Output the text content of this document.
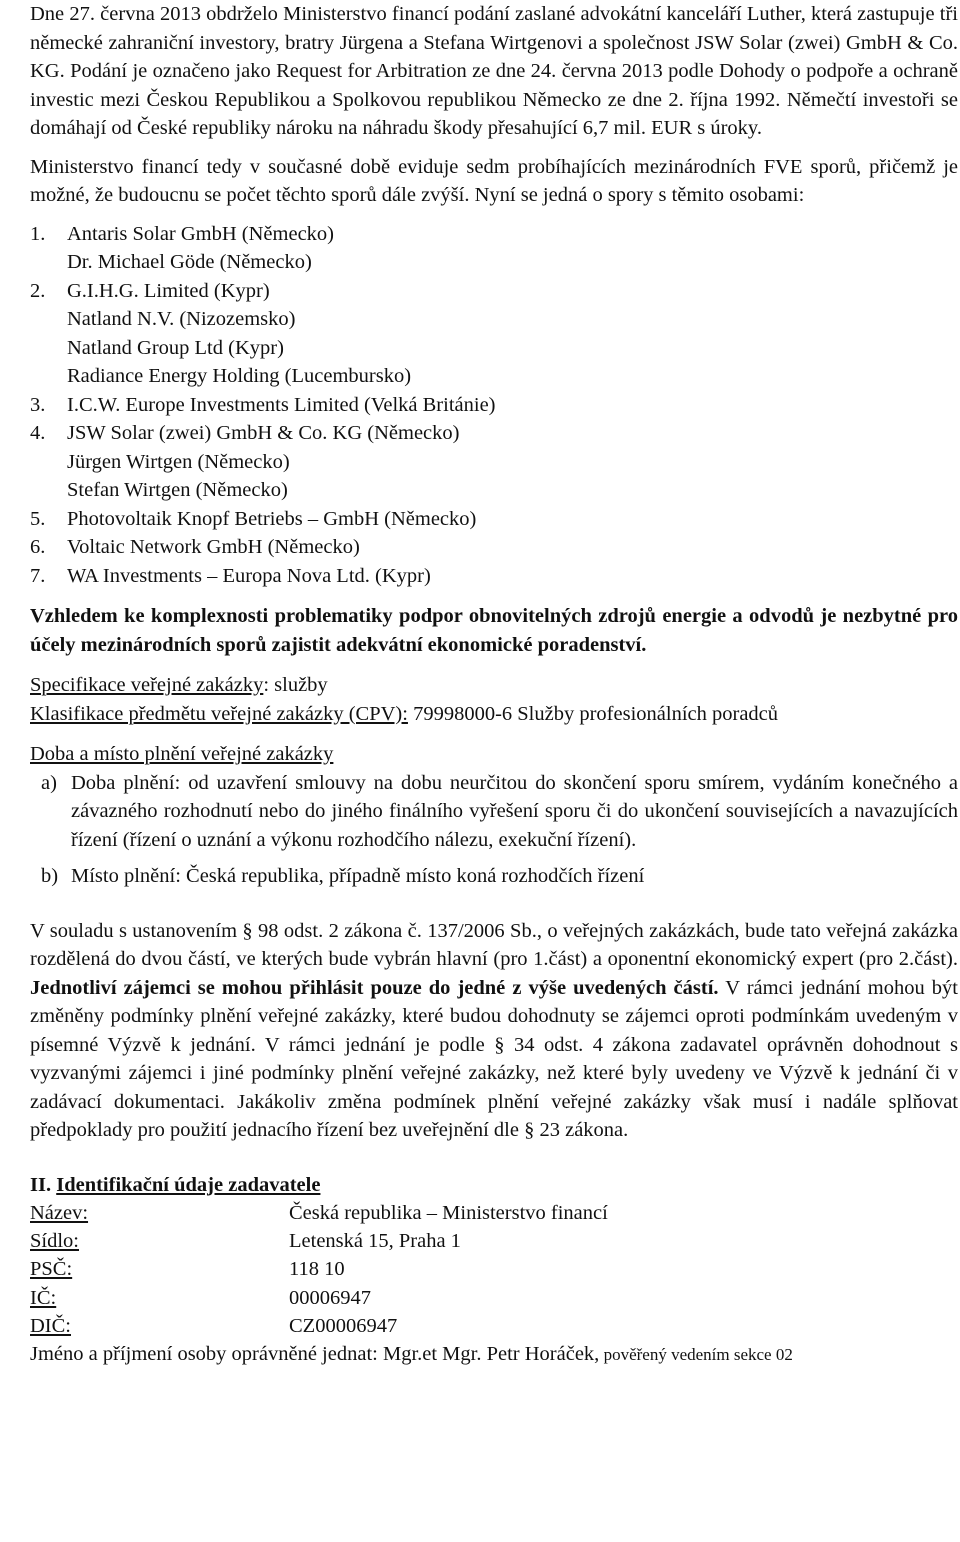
Dne 27. června 2013 obdrželo Ministerstvo financí podání zaslané advokátní kanceláří Luther, která zastupuje tři německé zahraniční investory, bratry Jürgena a Stefana Wirtgenovi a společnost JSW Solar (zwei) GmbH & Co. KG. Podání je označeno jako Request for Arbitration ze dne 24. června 2013 podle Dohody o podpoře a ochraně investic mezi Českou Republikou a Spolkovou republikou Německo ze dne 2. října 1992. Němečtí investoři se domáhají od České republiky nároku na náhradu škody přesahující 6,7 mil. EUR s úroky.

Ministerstvo financí tedy v současné době eviduje sedm probíhajících mezinárodních FVE sporů, přičemž je možné, že budoucnu se počet těchto sporů dále zvýší. Nyní se jedná o spory s těmito osobami:

1. Antaris Solar GmbH (Německo)
Dr. Michael Göde (Německo)
2. G.I.H.G. Limited (Kypr)
Natland N.V. (Nizozemsko)
Natland Group Ltd (Kypr)
Radiance Energy Holding (Lucembursko)
3. I.C.W. Europe Investments Limited (Velká Británie)
4. JSW Solar (zwei) GmbH & Co. KG (Německo)
Jürgen Wirtgen (Německo)
Stefan Wirtgen (Německo)
5. Photovoltaik Knopf Betriebs – GmbH (Německo)
6. Voltaic Network GmbH (Německo)
7. WA Investments – Europa Nova Ltd. (Kypr)

Vzhledem ke komplexnosti problematiky podpor obnovitelných zdrojů energie a odvodů je nezbytné pro účely mezinárodních sporů zajistit adekvátní ekonomické poradenství.

Specifikace veřejné zakázky: služby
Klasifikace předmětu veřejné zakázky (CPV): 79998000-6 Služby profesionálních poradců
Doba a místo plnění veřejné zakázky
a) Doba plnění: od uzavření smlouvy na dobu neurčitou do skončení sporu smírem, vydáním konečného a závazného rozhodnutí nebo do jiného finálního vyřešení sporu či do ukončení souvisejících a navazujících řízení (řízení o uznání a výkonu rozhodčího nálezu, exekuční řízení).

b) Místo plnění: Česká republika, případně místo koná rozhodčích řízení

V souladu s ustanovením § 98 odst. 2 zákona č. 137/2006 Sb., o veřejných zakázkách, bude tato veřejná zakázka rozdělená do dvou částí, ve kterých bude vybrán hlavní (pro 1.část) a oponentní ekonomický expert (pro 2.část). Jednotliví zájemci se mohou přihlásit pouze do jedné z výše uvedených částí. V rámci jednání mohou být změněny podmínky plnění veřejné zakázky, které budou dohodnuty se zájemci oproti podmínkám uvedeným v písemné Výzvě k jednání. V rámci jednání je podle § 34 odst. 4 zákona zadavatel oprávněn dohodnout s vyzvanými zájemci i jiné podmínky plnění veřejné zakázky, než které byly uvedeny ve Výzvě k jednání či v zadávací dokumentaci. Jakákoliv změna podmínek plnění veřejné zakázky však musí i nadále splňovat předpoklady pro použití jednacího řízení bez uveřejnění dle § 23 zákona.

II. Identifikační údaje zadavatele
Název:	Česká republika – Ministerstvo financí
Sídlo:	Letenská 15, Praha 1
PSČ:	118 10
IČ:	00006947
DIČ:	CZ00006947
Jméno a příjmení osoby oprávněné jednat: Mgr.et Mgr. Petr Horáček, pověřený vedením sekce 02
